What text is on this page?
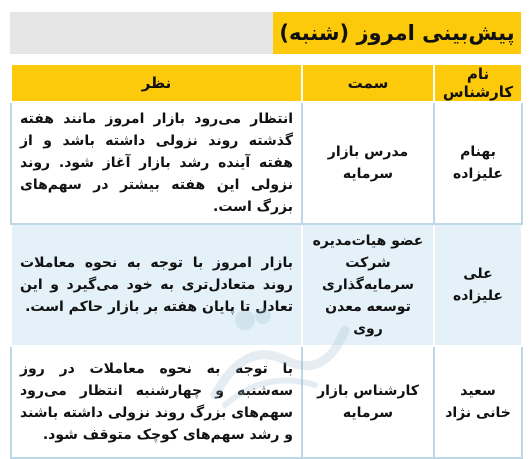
پیش‌بینی امروز (شنبه)
نام کارشناس	سمت	نظر
بهنام علیزاده	مدرس بازار سرمایه	انتظار می‌رود بازار امروز مانند هفته گذشته روند نزولی داشته باشد و از هفته آینده رشد بازار آغاز شود. روند نزولی این هفته بیشتر در سهم‌های بزرگ است.
علی علیزاده	عضو هیات‌مدیره شرکت سرمایه‌گذاری توسعه معدن روی	بازار امروز با توجه به نحوه معاملات روند متعادل‌تری به خود می‌گیرد و این تعادل تا پایان هفته بر بازار حاکم است.
سعید خانی نژاد	کارشناس بازار سرمایه	با توجه به نحوه معاملات در روز سه‌شنبه و چهارشنبه انتظار می‌رود سهم‌های بزرگ روند نزولی داشته باشند و رشد سهم‌های کوچک متوقف شود.
